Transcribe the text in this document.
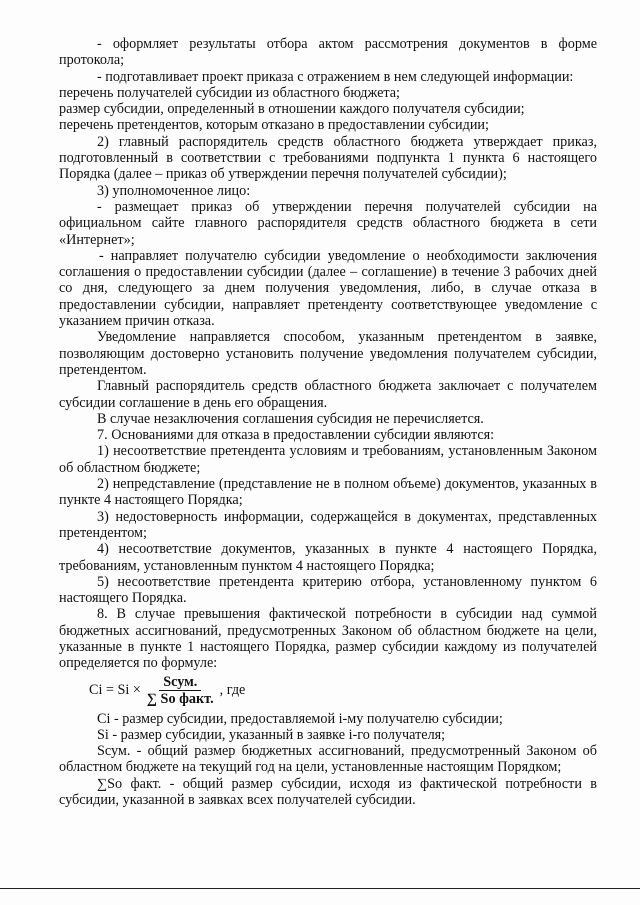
- оформляет результаты отбора актом рассмотрения документов в форме протокола;

- подготавливает проект приказа с отражением в нем следующей информации:

перечень получателей субсидии из областного бюджета;

размер субсидии, определенный в отношении каждого получателя субсидии;

перечень претендентов, которым отказано в предоставлении субсидии;

2) главный распорядитель средств областного бюджета утверждает приказ, подготовленный в соответствии с требованиями подпункта 1 пункта 6 настоящего Порядка (далее – приказ об утверждении перечня получателей субсидии);

3) уполномоченное лицо:

- размещает приказ об утверждении перечня получателей субсидии на официальном сайте главного распорядителя средств областного бюджета в сети «Интернет»;

- направляет получателю субсидии уведомление о необходимости заключения соглашения о предоставлении субсидии (далее – соглашение) в течение 3 рабочих дней со дня, следующего за днем получения уведомления, либо, в случае отказа в предоставлении субсидии, направляет претенденту соответствующее уведомление с указанием причин отказа.

Уведомление направляется способом, указанным претендентом в заявке, позволяющим достоверно установить получение уведомления получателем субсидии, претендентом.

Главный распорядитель средств областного бюджета заключает с получателем субсидии соглашение в день его обращения.

В случае незаключения соглашения субсидия не перечисляется.

7. Основаниями для отказа в предоставлении субсидии являются:

1) несоответствие претендента условиям и требованиям, установленным Законом об областном бюджете;

2) непредставление (представление не в полном объеме) документов, указанных в пункте 4 настоящего Порядка;

3) недостоверность информации, содержащейся в документах, представленных претендентом;

4) несоответствие документов, указанных в пункте 4 настоящего Порядка, требованиям, установленным пунктом 4 настоящего Порядка;

5) несоответствие претендента критерию отбора, установленному пунктом 6 настоящего Порядка.

8. В случае превышения фактической потребности в субсидии над суммой бюджетных ассигнований, предусмотренных Законом об областном бюджете на цели, указанные в пункте 1 настоящего Порядка, размер субсидии каждому из получателей определяется по формуле:

$Ci = Si \times \frac{\text{Sсум.}}{\text{∑ Sо факт.}}$ , где

Ci - размер субсидии, предоставляемой i-му получателю субсидии;

Si - размер субсидии, указанный в заявке i-го получателя;

Sсум. - общий размер бюджетных ассигнований, предусмотренный Законом об областном бюджете на текущий год на цели, установленные настоящим Порядком;

∑So факт. - общий размер субсидии, исходя из фактической потребности в субсидии, указанной в заявках всех получателей субсидии.
